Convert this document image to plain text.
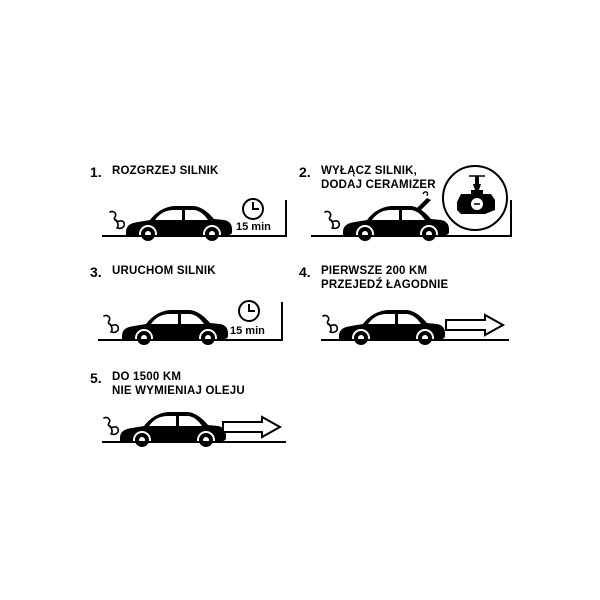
1. ROZGRZEJ SILNIK
15 min
2. WYŁĄCZ SILNIK,
DODAJ CERAMIZER
3. URUCHOM SILNIK
15 min
4. PIERWSZE 200 KM
PRZEJEDŹ ŁAGODNIE
5. DO 1500 KM
NIE WYMIENIAJ OLEJU
